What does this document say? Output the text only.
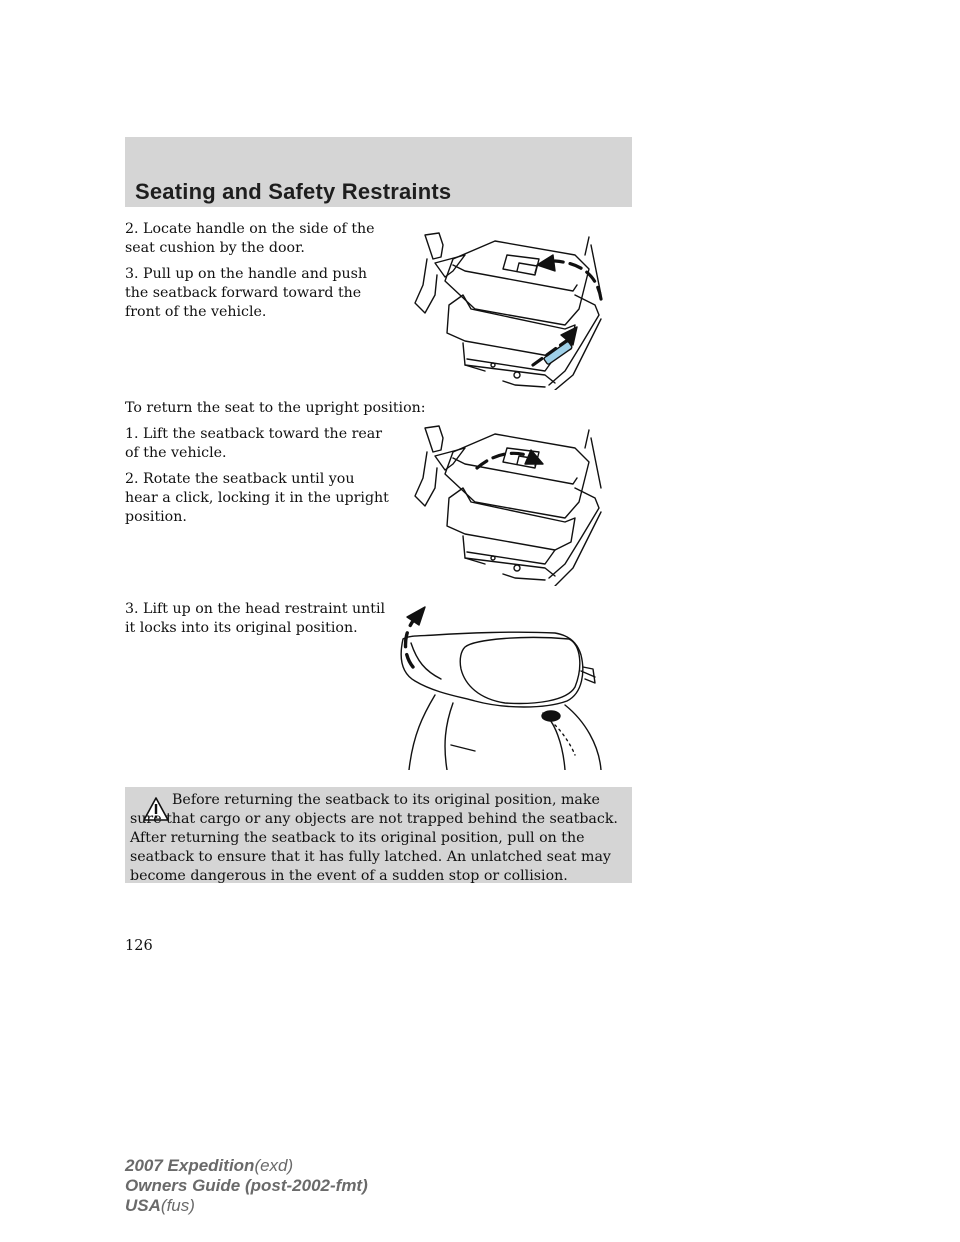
Seating and Safety Restraints

2. Locate handle on the side of the
seat cushion by the door.

3. Pull up on the handle and push
the seatback forward toward the
front of the vehicle.

To return the seat to the upright position:

1. Lift the seatback toward the rear
of the vehicle.

2. Rotate the seatback until you
hear a click, locking it in the upright
position.

3. Lift up on the head restraint until
it locks into its original position.

Before returning the seatback to its original position, make sure that cargo or any objects are not trapped behind the seatback. After returning the seatback to its original position, pull on the seatback to ensure that it has fully latched. An unlatched seat may become dangerous in the event of a sudden stop or collision.

126

2007 Expedition(exd)
Owners Guide (post-2002-fmt)
USA(fus)
